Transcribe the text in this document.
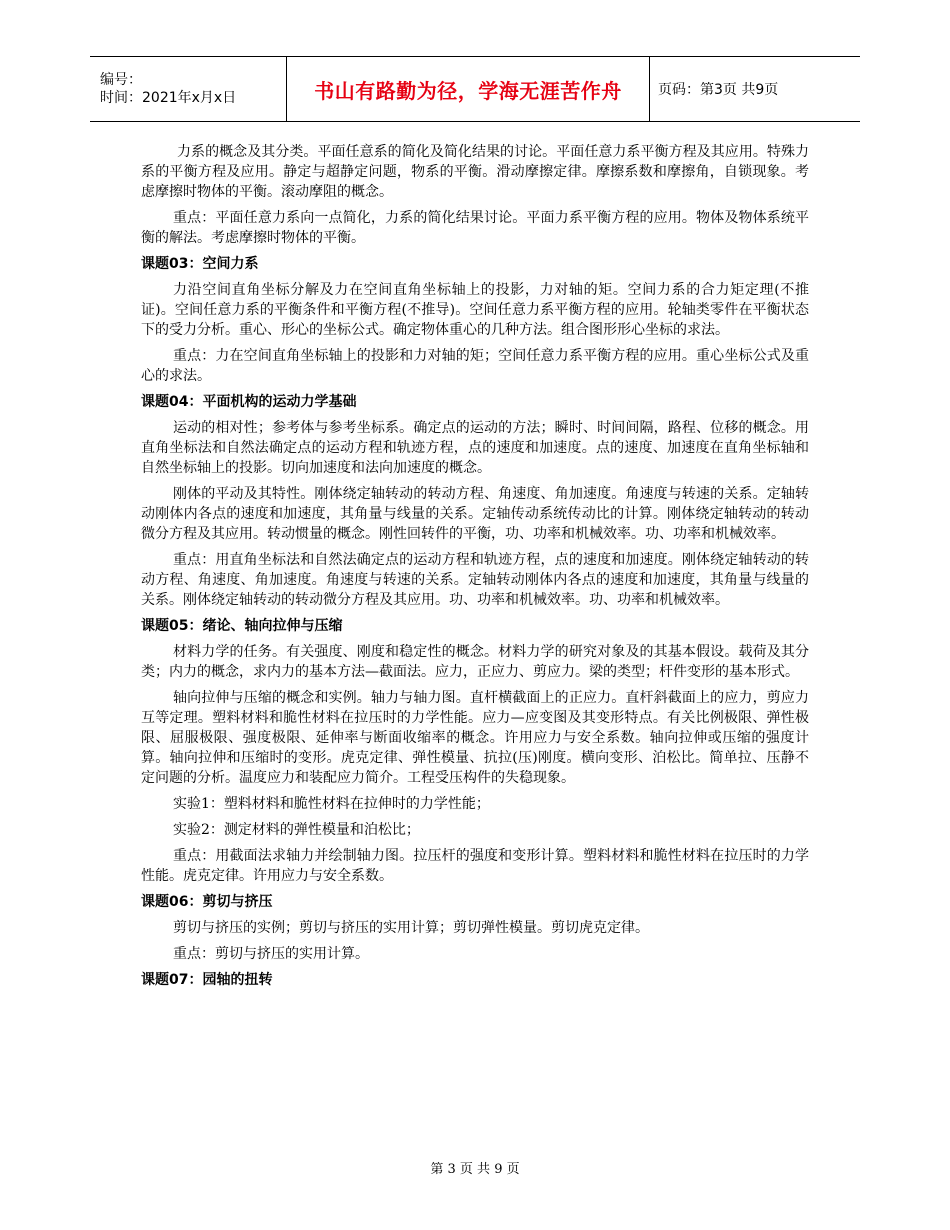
编号：
时间：2021年x月x日	书山有路勤为径，学海无涯苦作舟	页码：第3页 共9页

力系的概念及其分类。平面任意系的简化及简化结果的讨论。平面任意力系平衡方程及其应用。特殊力系的平衡方程及应用。静定与超静定问题，物系的平衡。滑动摩擦定律。摩擦系数和摩擦角，自锁现象。考虑摩擦时物体的平衡。滚动摩阻的概念。

重点：平面任意力系向一点简化，力系的简化结果讨论。平面力系平衡方程的应用。物体及物体系统平衡的解法。考虑摩擦时物体的平衡。

课题03：空间力系

力沿空间直角坐标分解及力在空间直角坐标轴上的投影，力对轴的矩。空间力系的合力矩定理(不推证)。空间任意力系的平衡条件和平衡方程(不推导)。空间任意力系平衡方程的应用。轮轴类零件在平衡状态下的受力分析。重心、形心的坐标公式。确定物体重心的几种方法。组合图形形心坐标的求法。

重点：力在空间直角坐标轴上的投影和力对轴的矩；空间任意力系平衡方程的应用。重心坐标公式及重心的求法。

课题04：平面机构的运动力学基础

运动的相对性；参考体与参考坐标系。确定点的运动的方法；瞬时、时间间隔，路程、位移的概念。用直角坐标法和自然法确定点的运动方程和轨迹方程，点的速度和加速度。点的速度、加速度在直角坐标轴和自然坐标轴上的投影。切向加速度和法向加速度的概念。

刚体的平动及其特性。刚体绕定轴转动的转动方程、角速度、角加速度。角速度与转速的关系。定轴转动刚体内各点的速度和加速度，其角量与线量的关系。定轴传动系统传动比的计算。刚体绕定轴转动的转动微分方程及其应用。转动惯量的概念。刚性回转件的平衡，功、功率和机械效率。功、功率和机械效率。

重点：用直角坐标法和自然法确定点的运动方程和轨迹方程，点的速度和加速度。刚体绕定轴转动的转动方程、角速度、角加速度。角速度与转速的关系。定轴转动刚体内各点的速度和加速度，其角量与线量的关系。刚体绕定轴转动的转动微分方程及其应用。功、功率和机械效率。功、功率和机械效率。

课题05：绪论、轴向拉伸与压缩

材料力学的任务。有关强度、刚度和稳定性的概念。材料力学的研究对象及的其基本假设。载荷及其分类；内力的概念，求内力的基本方法—截面法。应力，正应力、剪应力。梁的类型；杆件变形的基本形式。

轴向拉伸与压缩的概念和实例。轴力与轴力图。直杆横截面上的正应力。直杆斜截面上的应力，剪应力互等定理。塑料材料和脆性材料在拉压时的力学性能。应力—应变图及其变形特点。有关比例极限、弹性极限、屈服极限、强度极限、延伸率与断面收缩率的概念。许用应力与安全系数。轴向拉伸或压缩的强度计算。轴向拉伸和压缩时的变形。虎克定律、弹性模量、抗拉(压)刚度。横向变形、泊松比。简单拉、压静不定问题的分析。温度应力和装配应力简介。工程受压构件的失稳现象。

实验1：塑料材料和脆性材料在拉伸时的力学性能；

实验2：测定材料的弹性模量和泊松比；

重点：用截面法求轴力并绘制轴力图。拉压杆的强度和变形计算。塑料材料和脆性材料在拉压时的力学性能。虎克定律。许用应力与安全系数。

课题06：剪切与挤压

剪切与挤压的实例；剪切与挤压的实用计算；剪切弹性模量。剪切虎克定律。

重点：剪切与挤压的实用计算。

课题07：园轴的扭转
第 3 页 共 9 页
